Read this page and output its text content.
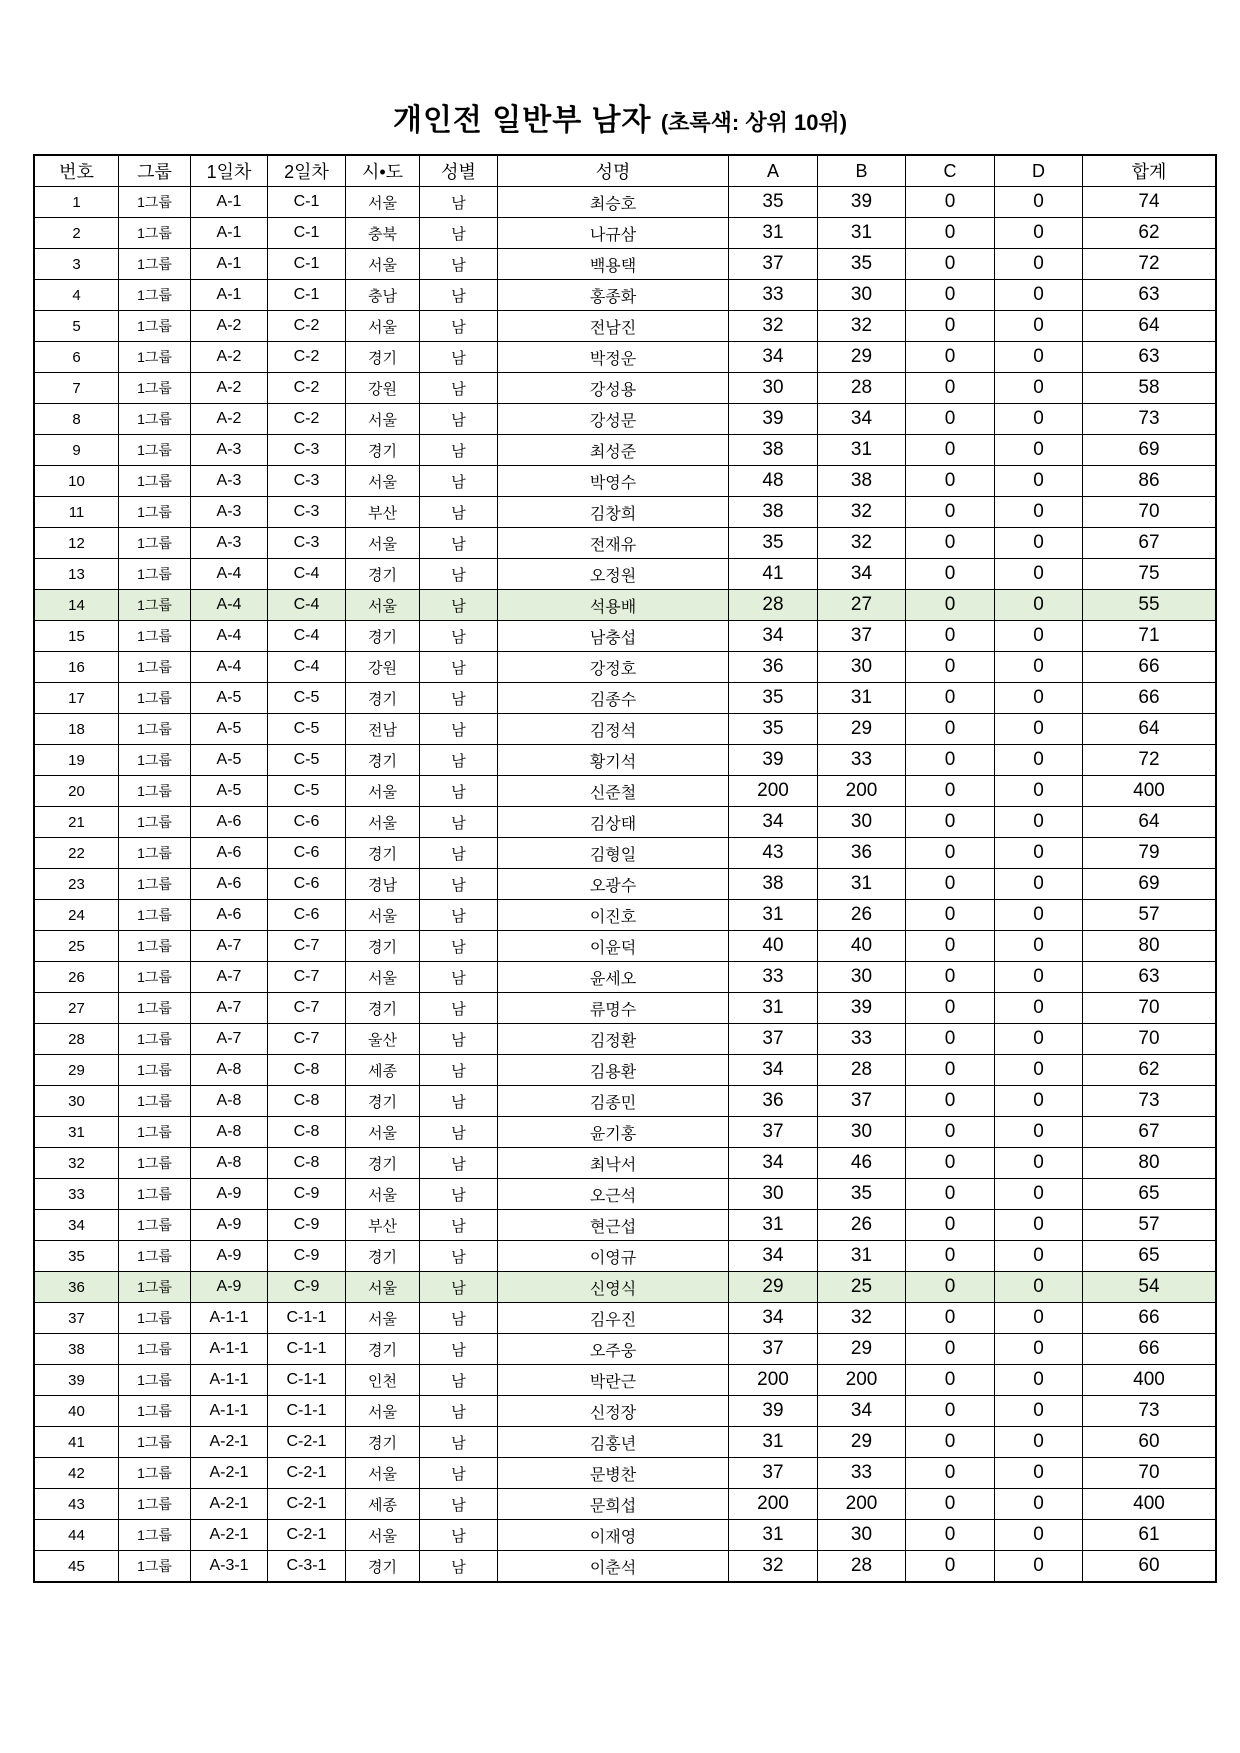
개인전 일반부 남자 (초록색: 상위 10위)
번호	그룹	1일차	2일차	시•도	성별	성명	A	B	C	D	합계
1	1그룹	A-1	C-1	서울	남	최승호	35	39	0	0	74
2	1그룹	A-1	C-1	충북	남	나규삼	31	31	0	0	62
3	1그룹	A-1	C-1	서울	남	백용택	37	35	0	0	72
4	1그룹	A-1	C-1	충남	남	홍종화	33	30	0	0	63
5	1그룹	A-2	C-2	서울	남	전남진	32	32	0	0	64
6	1그룹	A-2	C-2	경기	남	박정운	34	29	0	0	63
7	1그룹	A-2	C-2	강원	남	강성용	30	28	0	0	58
8	1그룹	A-2	C-2	서울	남	강성문	39	34	0	0	73
9	1그룹	A-3	C-3	경기	남	최성준	38	31	0	0	69
10	1그룹	A-3	C-3	서울	남	박영수	48	38	0	0	86
11	1그룹	A-3	C-3	부산	남	김창희	38	32	0	0	70
12	1그룹	A-3	C-3	서울	남	전재유	35	32	0	0	67
13	1그룹	A-4	C-4	경기	남	오정원	41	34	0	0	75
14	1그룹	A-4	C-4	서울	남	석용배	28	27	0	0	55
15	1그룹	A-4	C-4	경기	남	남충섭	34	37	0	0	71
16	1그룹	A-4	C-4	강원	남	강정호	36	30	0	0	66
17	1그룹	A-5	C-5	경기	남	김종수	35	31	0	0	66
18	1그룹	A-5	C-5	전남	남	김정석	35	29	0	0	64
19	1그룹	A-5	C-5	경기	남	황기석	39	33	0	0	72
20	1그룹	A-5	C-5	서울	남	신준철	200	200	0	0	400
21	1그룹	A-6	C-6	서울	남	김상태	34	30	0	0	64
22	1그룹	A-6	C-6	경기	남	김형일	43	36	0	0	79
23	1그룹	A-6	C-6	경남	남	오광수	38	31	0	0	69
24	1그룹	A-6	C-6	서울	남	이진호	31	26	0	0	57
25	1그룹	A-7	C-7	경기	남	이윤덕	40	40	0	0	80
26	1그룹	A-7	C-7	서울	남	윤세오	33	30	0	0	63
27	1그룹	A-7	C-7	경기	남	류명수	31	39	0	0	70
28	1그룹	A-7	C-7	울산	남	김정환	37	33	0	0	70
29	1그룹	A-8	C-8	세종	남	김용환	34	28	0	0	62
30	1그룹	A-8	C-8	경기	남	김종민	36	37	0	0	73
31	1그룹	A-8	C-8	서울	남	윤기홍	37	30	0	0	67
32	1그룹	A-8	C-8	경기	남	최낙서	34	46	0	0	80
33	1그룹	A-9	C-9	서울	남	오근석	30	35	0	0	65
34	1그룹	A-9	C-9	부산	남	현근섭	31	26	0	0	57
35	1그룹	A-9	C-9	경기	남	이영규	34	31	0	0	65
36	1그룹	A-9	C-9	서울	남	신영식	29	25	0	0	54
37	1그룹	A-1-1	C-1-1	서울	남	김우진	34	32	0	0	66
38	1그룹	A-1-1	C-1-1	경기	남	오주웅	37	29	0	0	66
39	1그룹	A-1-1	C-1-1	인천	남	박란근	200	200	0	0	400
40	1그룹	A-1-1	C-1-1	서울	남	신정장	39	34	0	0	73
41	1그룹	A-2-1	C-2-1	경기	남	김홍년	31	29	0	0	60
42	1그룹	A-2-1	C-2-1	서울	남	문병찬	37	33	0	0	70
43	1그룹	A-2-1	C-2-1	세종	남	문희섭	200	200	0	0	400
44	1그룹	A-2-1	C-2-1	서울	남	이재영	31	30	0	0	61
45	1그룹	A-3-1	C-3-1	경기	남	이춘석	32	28	0	0	60
